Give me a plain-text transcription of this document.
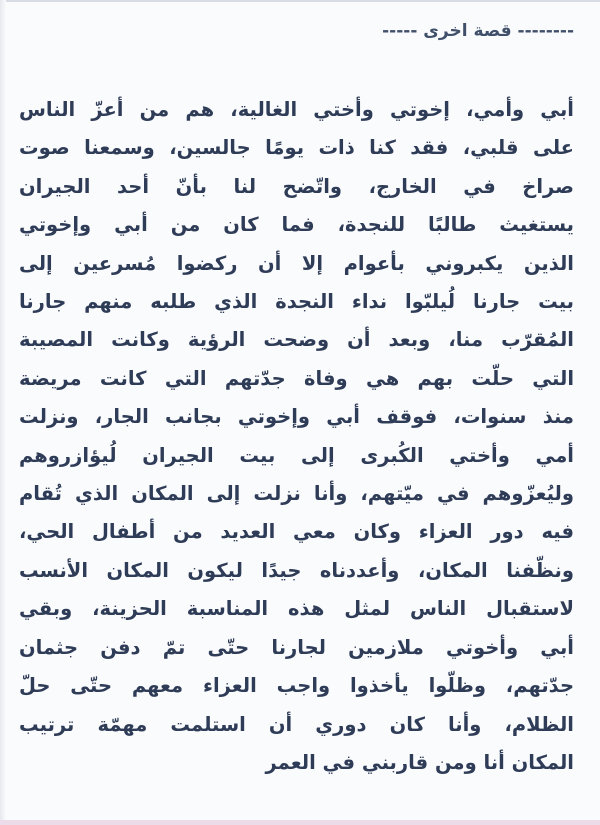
-------- قصة اخرى -----
أبي وأمي، إخوتي وأختي الغالية، هم من أعزّ الناس
على قلبي، فقد كنا ذات يومًا جالسين، وسمعنا صوت
صراخ في الخارج، واتّضح لنا بأنّ أحد الجيران
يستغيث طالبًا للنجدة، فما كان من أبي وإخوتي
الذين يكبروني بأعوام إلا أن ركضوا مُسرعين إلى
بيت جارنا لُيلبّوا نداء النجدة الذي طلبه منهم جارنا
المُقرّب منا، وبعد أن وضحت الرؤية وكانت المصيبة
التي حلّت بهم هي وفاة جدّتهم التي كانت مريضة
منذ سنوات، فوقف أبي وإخوتي بجانب الجار، ونزلت
أمي وأختي الكُبرى إلى بيت الجيران لُيؤازروهم
وليُعزّوهم في ميّتهم، وأنا نزلت إلى المكان الذي تُقام
فيه دور العزاء وكان معي العديد من أطفال الحي،
ونظّفنا المكان، وأعددناه جيدًا ليكون المكان الأنسب
لاستقبال الناس لمثل هذه المناسبة الحزينة، وبقي
أبي وأخوتي ملازمين لجارنا حتّى تمّ دفن جثمان
جدّتهم، وظلّوا يأخذوا واجب العزاء معهم حتّى حلّ
الظلام، وأنا كان دوري أن استلمت مهمّة ترتيب
المكان أنا ومن قاربني في العمر
